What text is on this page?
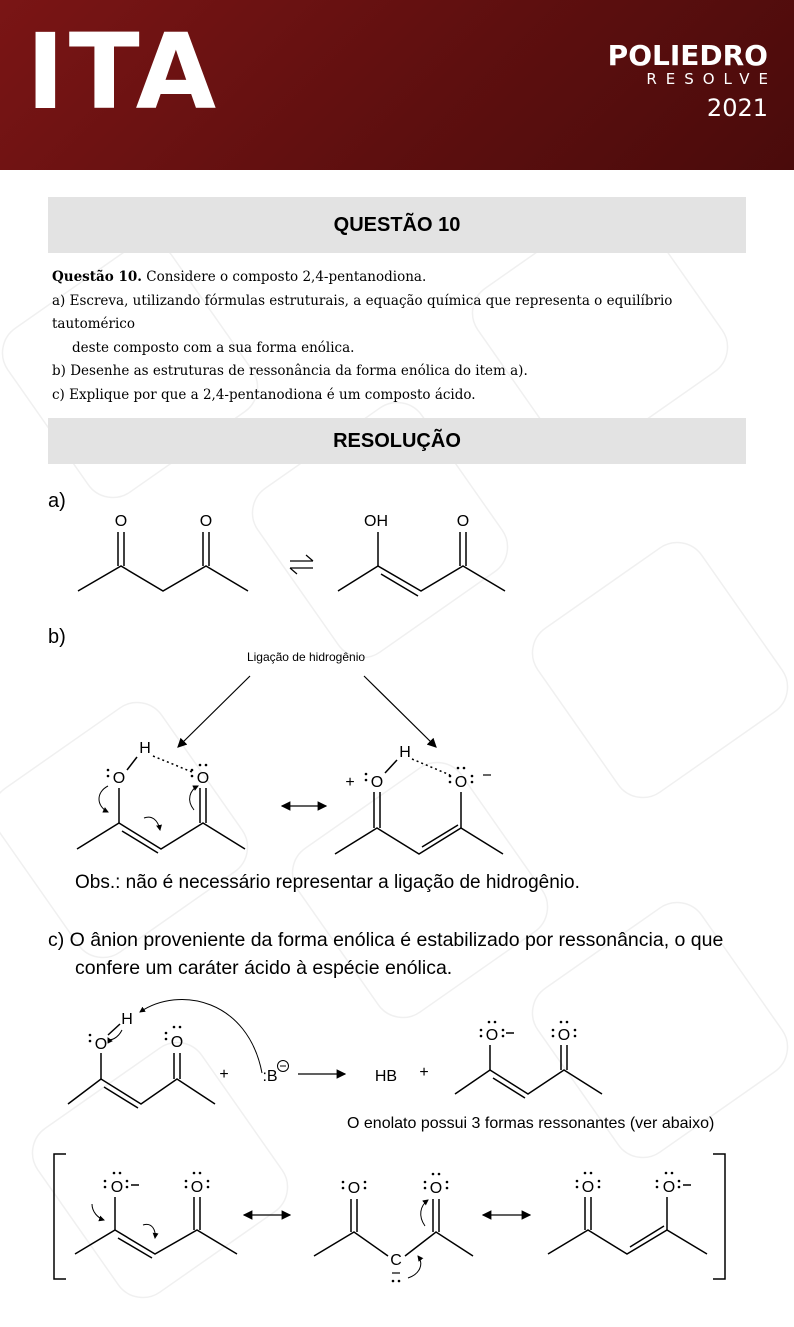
ITA	POLIEDRO
RESOLVE
2021
QUESTÃO 10
Questão 10. Considere o composto 2,4-pentanodiona.
a) Escreva, utilizando fórmulas estruturais, a equação química que representa o equilíbrio tautomérico
deste composto com a sua forma enólica.
b) Desenhe as estruturas de ressonância da forma enólica do item a).
c) Explique por que a 2,4-pentanodiona é um composto ácido.
RESOLUÇÃO
a)
b)
Obs.: não é necessário representar a ligação de hidrogênio.
c) O ânion proveniente da forma enólica é estabilizado por ressonância, o que
confere um caráter ácido à espécie enólica.
O	O	OH	O
Ligação de hidrogênio
O
H
O	O
+
H
O
O
H
O
+ :B	HB +
O	O
O enolato possui 3 formas ressonantes (ver abaixo)
O	O
C
O	O	O	O
